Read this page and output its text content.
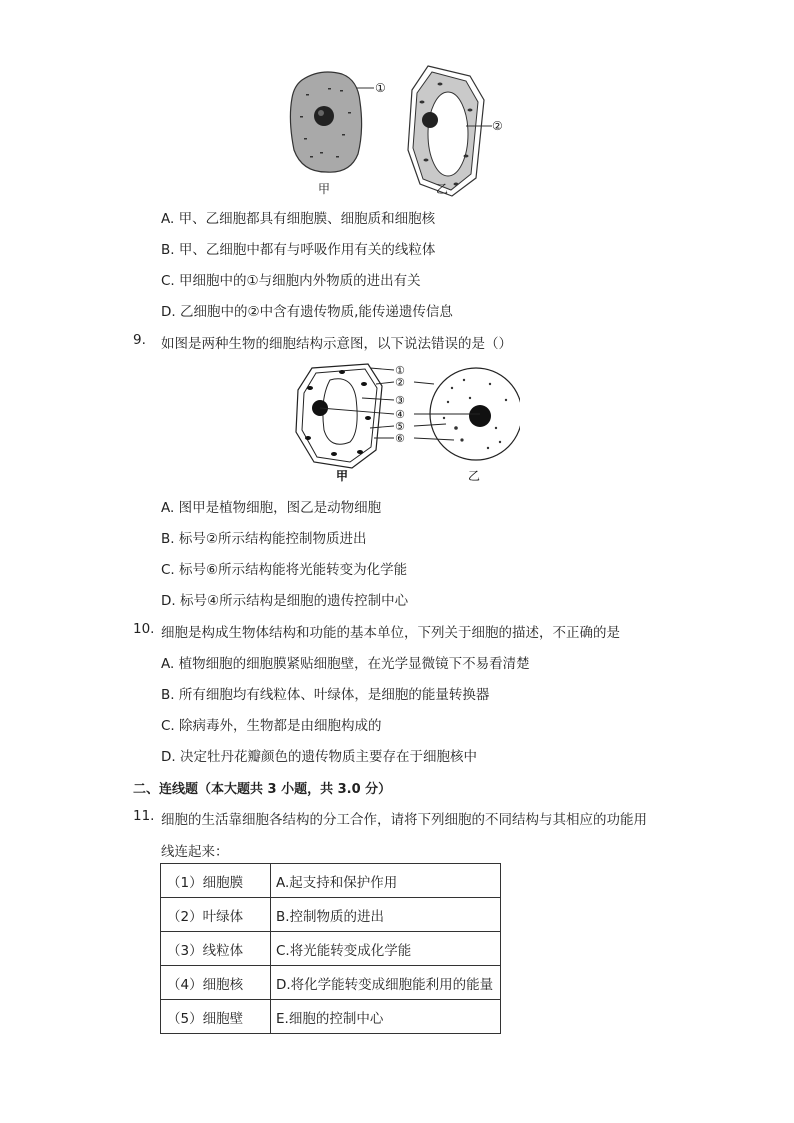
①
②
甲	乙
A. 甲、乙细胞都具有细胞膜、细胞质和细胞核
B. 甲、乙细胞中都有与呼吸作用有关的线粒体
C. 甲细胞中的①与细胞内外物质的进出有关
D. 乙细胞中的②中含有遗传物质,能传递遗传信息
9. 如图是两种生物的细胞结构示意图，以下说法错误的是（）
①
②
③
④
⑤
⑥
甲	乙
A. 图甲是植物细胞，图乙是动物细胞
B. 标号②所示结构能控制物质进出
C. 标号⑥所示结构能将光能转变为化学能
D. 标号④所示结构是细胞的遗传控制中心
10. 细胞是构成生物体结构和功能的基本单位，下列关于细胞的描述，不正确的是
A. 植物细胞的细胞膜紧贴细胞壁，在光学显微镜下不易看清楚
B. 所有细胞均有线粒体、叶绿体，是细胞的能量转换器
C. 除病毒外，生物都是由细胞构成的
D. 决定牡丹花瓣颜色的遗传物质主要存在于细胞核中
二、连线题（本大题共 3 小题，共 3.0 分）
11. 细胞的生活靠细胞各结构的分工合作，请将下列细胞的不同结构与其相应的功能用
线连起来：
（1）细胞膜	A.起支持和保护作用
（2）叶绿体	B.控制物质的进出
（3）线粒体	C.将光能转变成化学能
（4）细胞核	D.将化学能转变成细胞能利用的能量
（5）细胞壁	E.细胞的控制中心
